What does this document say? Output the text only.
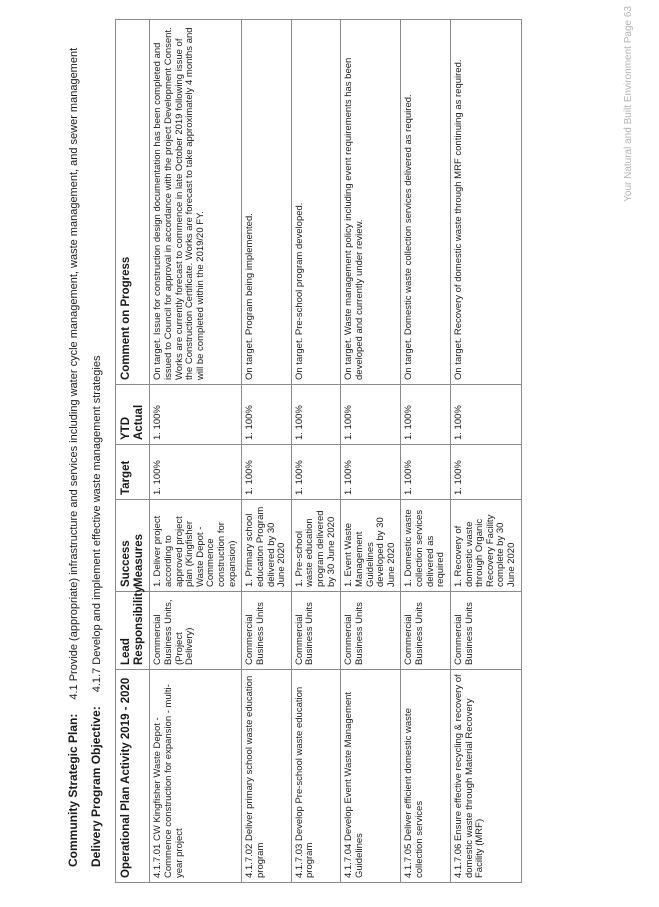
Community Strategic Plan:4.1 Provide (appropriate) infrastructure and services including water cycle management, waste management, and sewer management
Delivery Program Objective:4.1.7 Develop and implement effective waste management strategies
Operational Plan Activity 2019 - 2020	Lead Responsibility	Success Measures	Target	YTD Actual	Comment on Progress
4.1.7.01 CW Kingfisher Waste Depot - Commence construction for expansion - multi-year project	Commercial Business Units, (Project Delivery)	1. Deliver project according to approved project plan (Kingfisher Waste Depot - Commence construction for expansion)	1. 100%	1. 100%	On target. Issue for construction design documentation has been completed and issued to Council for approval in accordance with the project Development Consent. Works are currently forecast to commence in late October 2019 following issue of the Construction Certificate. Works are forecast to take approximately 4 months and will be completed within the 2019/20 FY.
4.1.7.02 Deliver primary school waste education program	Commercial Business Units	1. Primary school education Program delivered by 30 June 2020	1. 100%	1. 100%	On target. Program being implemented.
4.1.7.03 Develop Pre-school waste education program	Commercial Business Units	1. Pre-school waste education program delivered by 30 June 2020	1. 100%	1. 100%	On target. Pre-school program developed.
4.1.7.04 Develop Event Waste Management Guidelines	Commercial Business Units	1. Event Waste Management Guidelines developed by 30 June 2020	1. 100%	1. 100%	On target. Waste management policy including event requirements has been developed and currently under review.
4.1.7.05 Deliver efficient domestic waste collection services	Commercial Business Units	1. Domestic waste collection services delivered as required	1. 100%	1. 100%	On target. Domestic waste collection services delivered as required.
4.1.7.06 Ensure effective recycling & recovery of domestic waste through Material Recovery Facility (MRF)	Commercial Business Units	1. Recovery of domestic waste through Organic Recovery Facility complete by 30 June 2020	1. 100%	1. 100%	On target. Recovery of domestic waste through MRF continuing as required.	Your Natural and Built Environment Page 63
